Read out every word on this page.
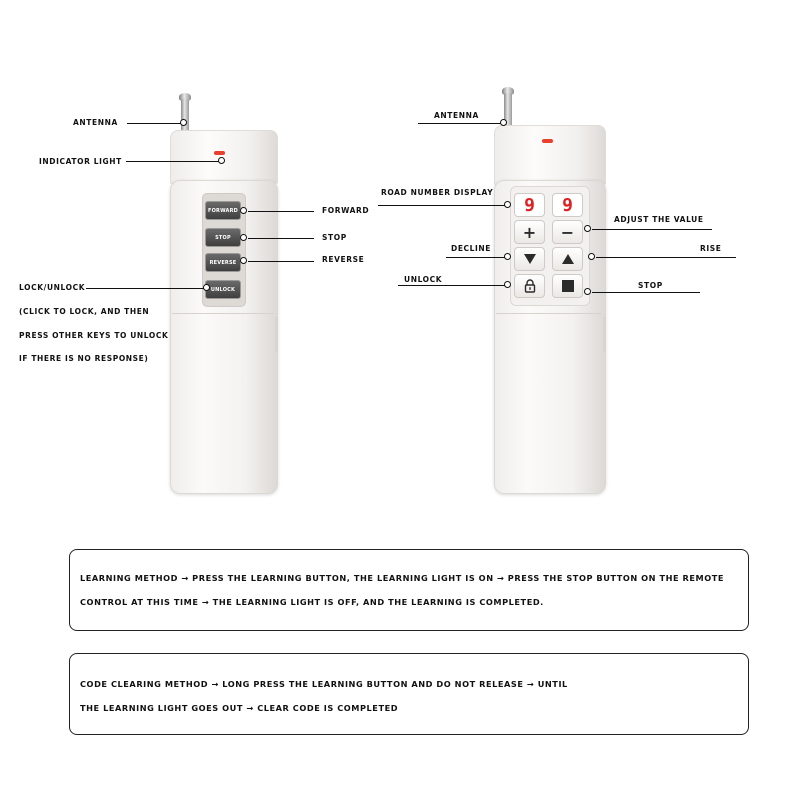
FORWARD
STOP
REVERSE
UNLOCK
ANTENNA
INDICATOR LIGHT
FORWARD
STOP
REVERSE
LOCK/UNLOCK
(CLICK TO LOCK, AND THEN
PRESS OTHER KEYS TO UNLOCK
IF THERE IS NO RESPONSE)
9	9
+ −
ANTENNA
ROAD NUMBER DISPLAY
ADJUST THE VALUE
DECLINE	RISE
UNLOCK
STOP
LEARNING METHOD → PRESS THE LEARNING BUTTON, THE LEARNING LIGHT IS ON → PRESS THE STOP BUTTON ON THE REMOTE
CONTROL AT THIS TIME → THE LEARNING LIGHT IS OFF, AND THE LEARNING IS COMPLETED.
CODE CLEARING METHOD → LONG PRESS THE LEARNING BUTTON AND DO NOT RELEASE → UNTIL
THE LEARNING LIGHT GOES OUT → CLEAR CODE IS COMPLETED
